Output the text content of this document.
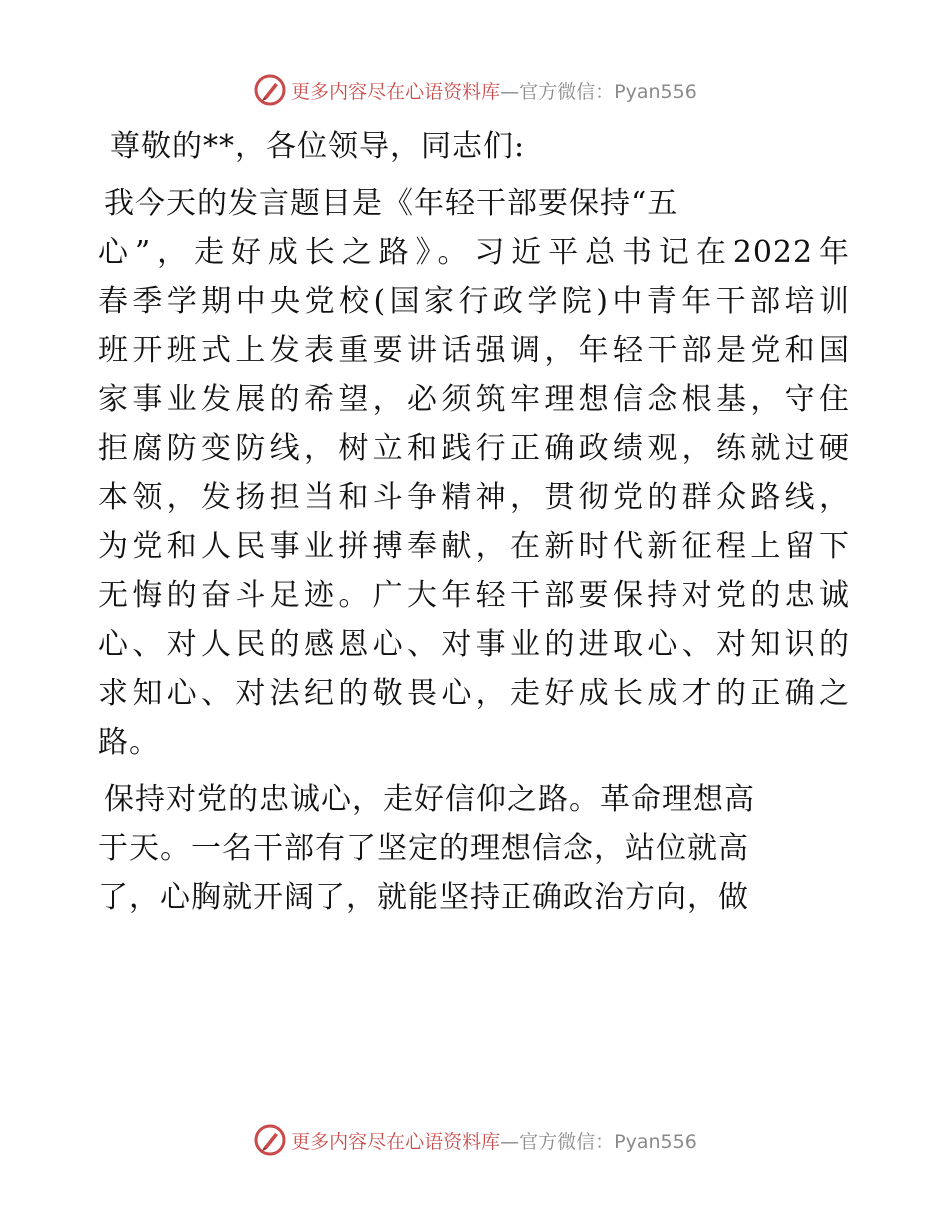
更多内容尽在心语资料库 —官方微信：Pyan556

尊敬的**，各位领导，同志们:

我今天的发言题目是《年轻干部要保持“五
心”，走好成长之路》。习近平总书记在2022年
春季学期中央党校(国家行政学院)中青年干部培训
班开班式上发表重要讲话强调，年轻干部是党和国
家事业发展的希望，必须筑牢理想信念根基，守住
拒腐防变防线，树立和践行正确政绩观，练就过硬
本领，发扬担当和斗争精神，贯彻党的群众路线，
为党和人民事业拼搏奉献，在新时代新征程上留下
无悔的奋斗足迹。广大年轻干部要保持对党的忠诚
心、对人民的感恩心、对事业的进取心、对知识的
求知心、对法纪的敬畏心，走好成长成才的正确之
路。

保持对党的忠诚心，走好信仰之路。革命理想高
于天。一名干部有了坚定的理想信念，站位就高
了，心胸就开阔了，就能坚持正确政治方向，做

更多内容尽在心语资料库 —官方微信：Pyan556
